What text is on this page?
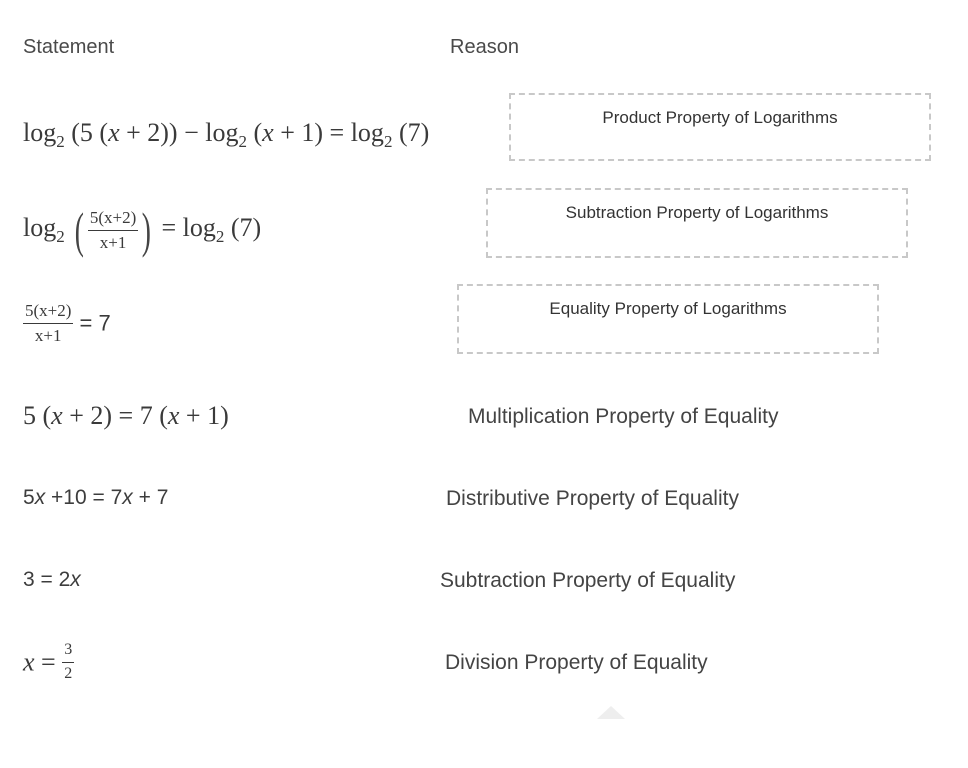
Statement	Reason
$\log_2 (5$ $(x + 2)) - \log_2 (x + 1) = \log_2 (7)$
$\log_2$ ( $\frac{5(x+2)}{x+1}$ ) = $\log_2 (7)$
$\frac{5(x+2)}{x+1} = 7$
5 (x + 2) = 7 (x + 1)
5x +10 = 7x + 7
3 = 2x
$x = \frac{3}{2}$
Product Property of Logarithms
Subtraction Property of Logarithms
Equality Property of Logarithms
Multiplication Property of Equality
Distributive Property of Equality
Subtraction Property of Equality
Division Property of Equality
